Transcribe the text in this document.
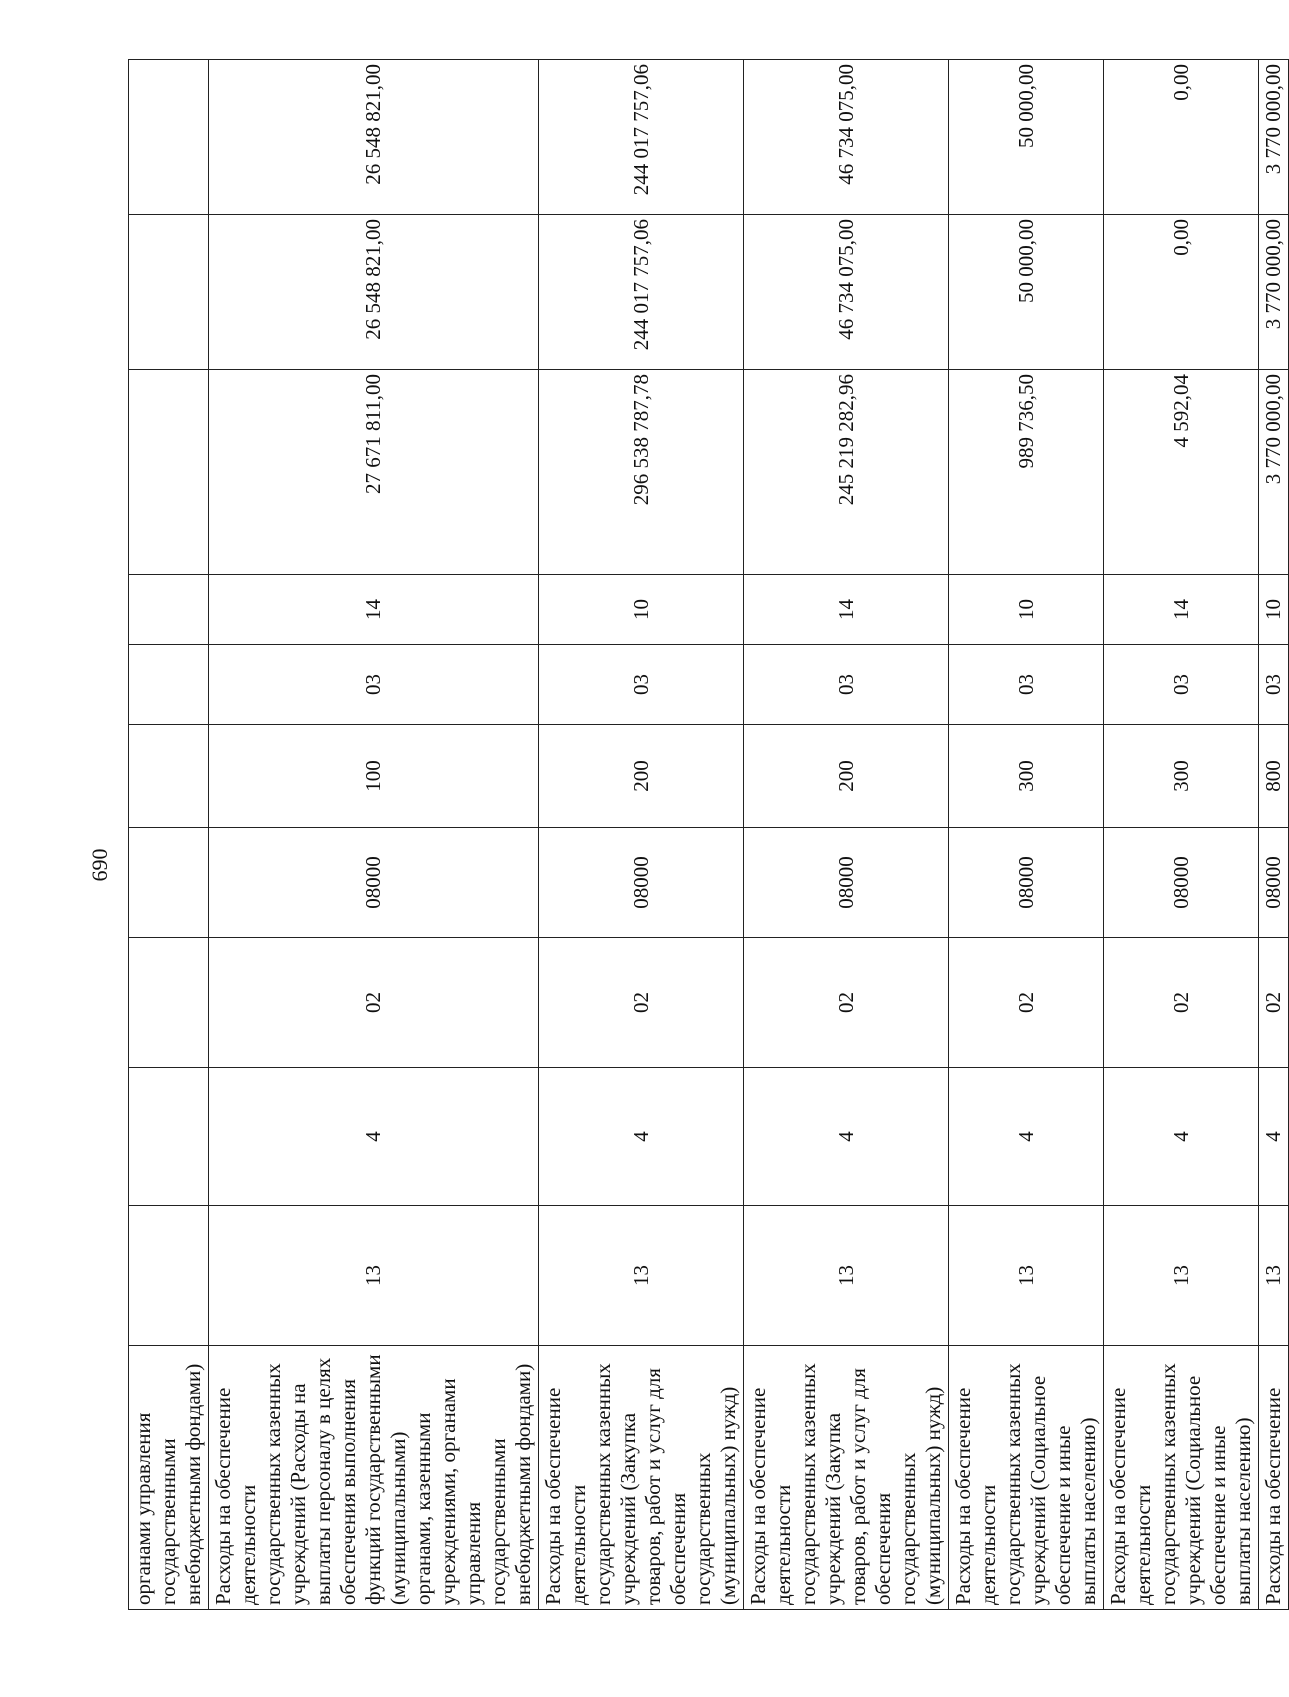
690
органами управления государственными внебюджетными фондами)										
Расходы на обеспечение деятельности государственных казенных учреждений (Расходы на выплаты персоналу в целях обеспечения выполнения функций государственными (муниципальными) органами, казенными учреждениями, органами управления государственными внебюджетными фондами)	13	4	02	08000	100	03	14	27 671 811,00	26 548 821,00	26 548 821,00
Расходы на обеспечение деятельности государственных казенных учреждений (Закупка товаров, работ и услуг для обеспечения государственных (муниципальных) нужд)	13	4	02	08000	200	03	10	296 538 787,78	244 017 757,06	244 017 757,06
Расходы на обеспечение деятельности государственных казенных учреждений (Закупка товаров, работ и услуг для обеспечения государственных (муниципальных) нужд)	13	4	02	08000	200	03	14	245 219 282,96	46 734 075,00	46 734 075,00
Расходы на обеспечение деятельности государственных казенных учреждений (Социальное обеспечение и иные выплаты населению)	13	4	02	08000	300	03	10	989 736,50	50 000,00	50 000,00
Расходы на обеспечение деятельности государственных казенных учреждений (Социальное обеспечение и иные выплаты населению)	13	4	02	08000	300	03	14	4 592,04	0,00	0,00
Расходы на обеспечение	13	4	02	08000	800	03	10	3 770 000,00	3 770 000,00	3 770 000,00
